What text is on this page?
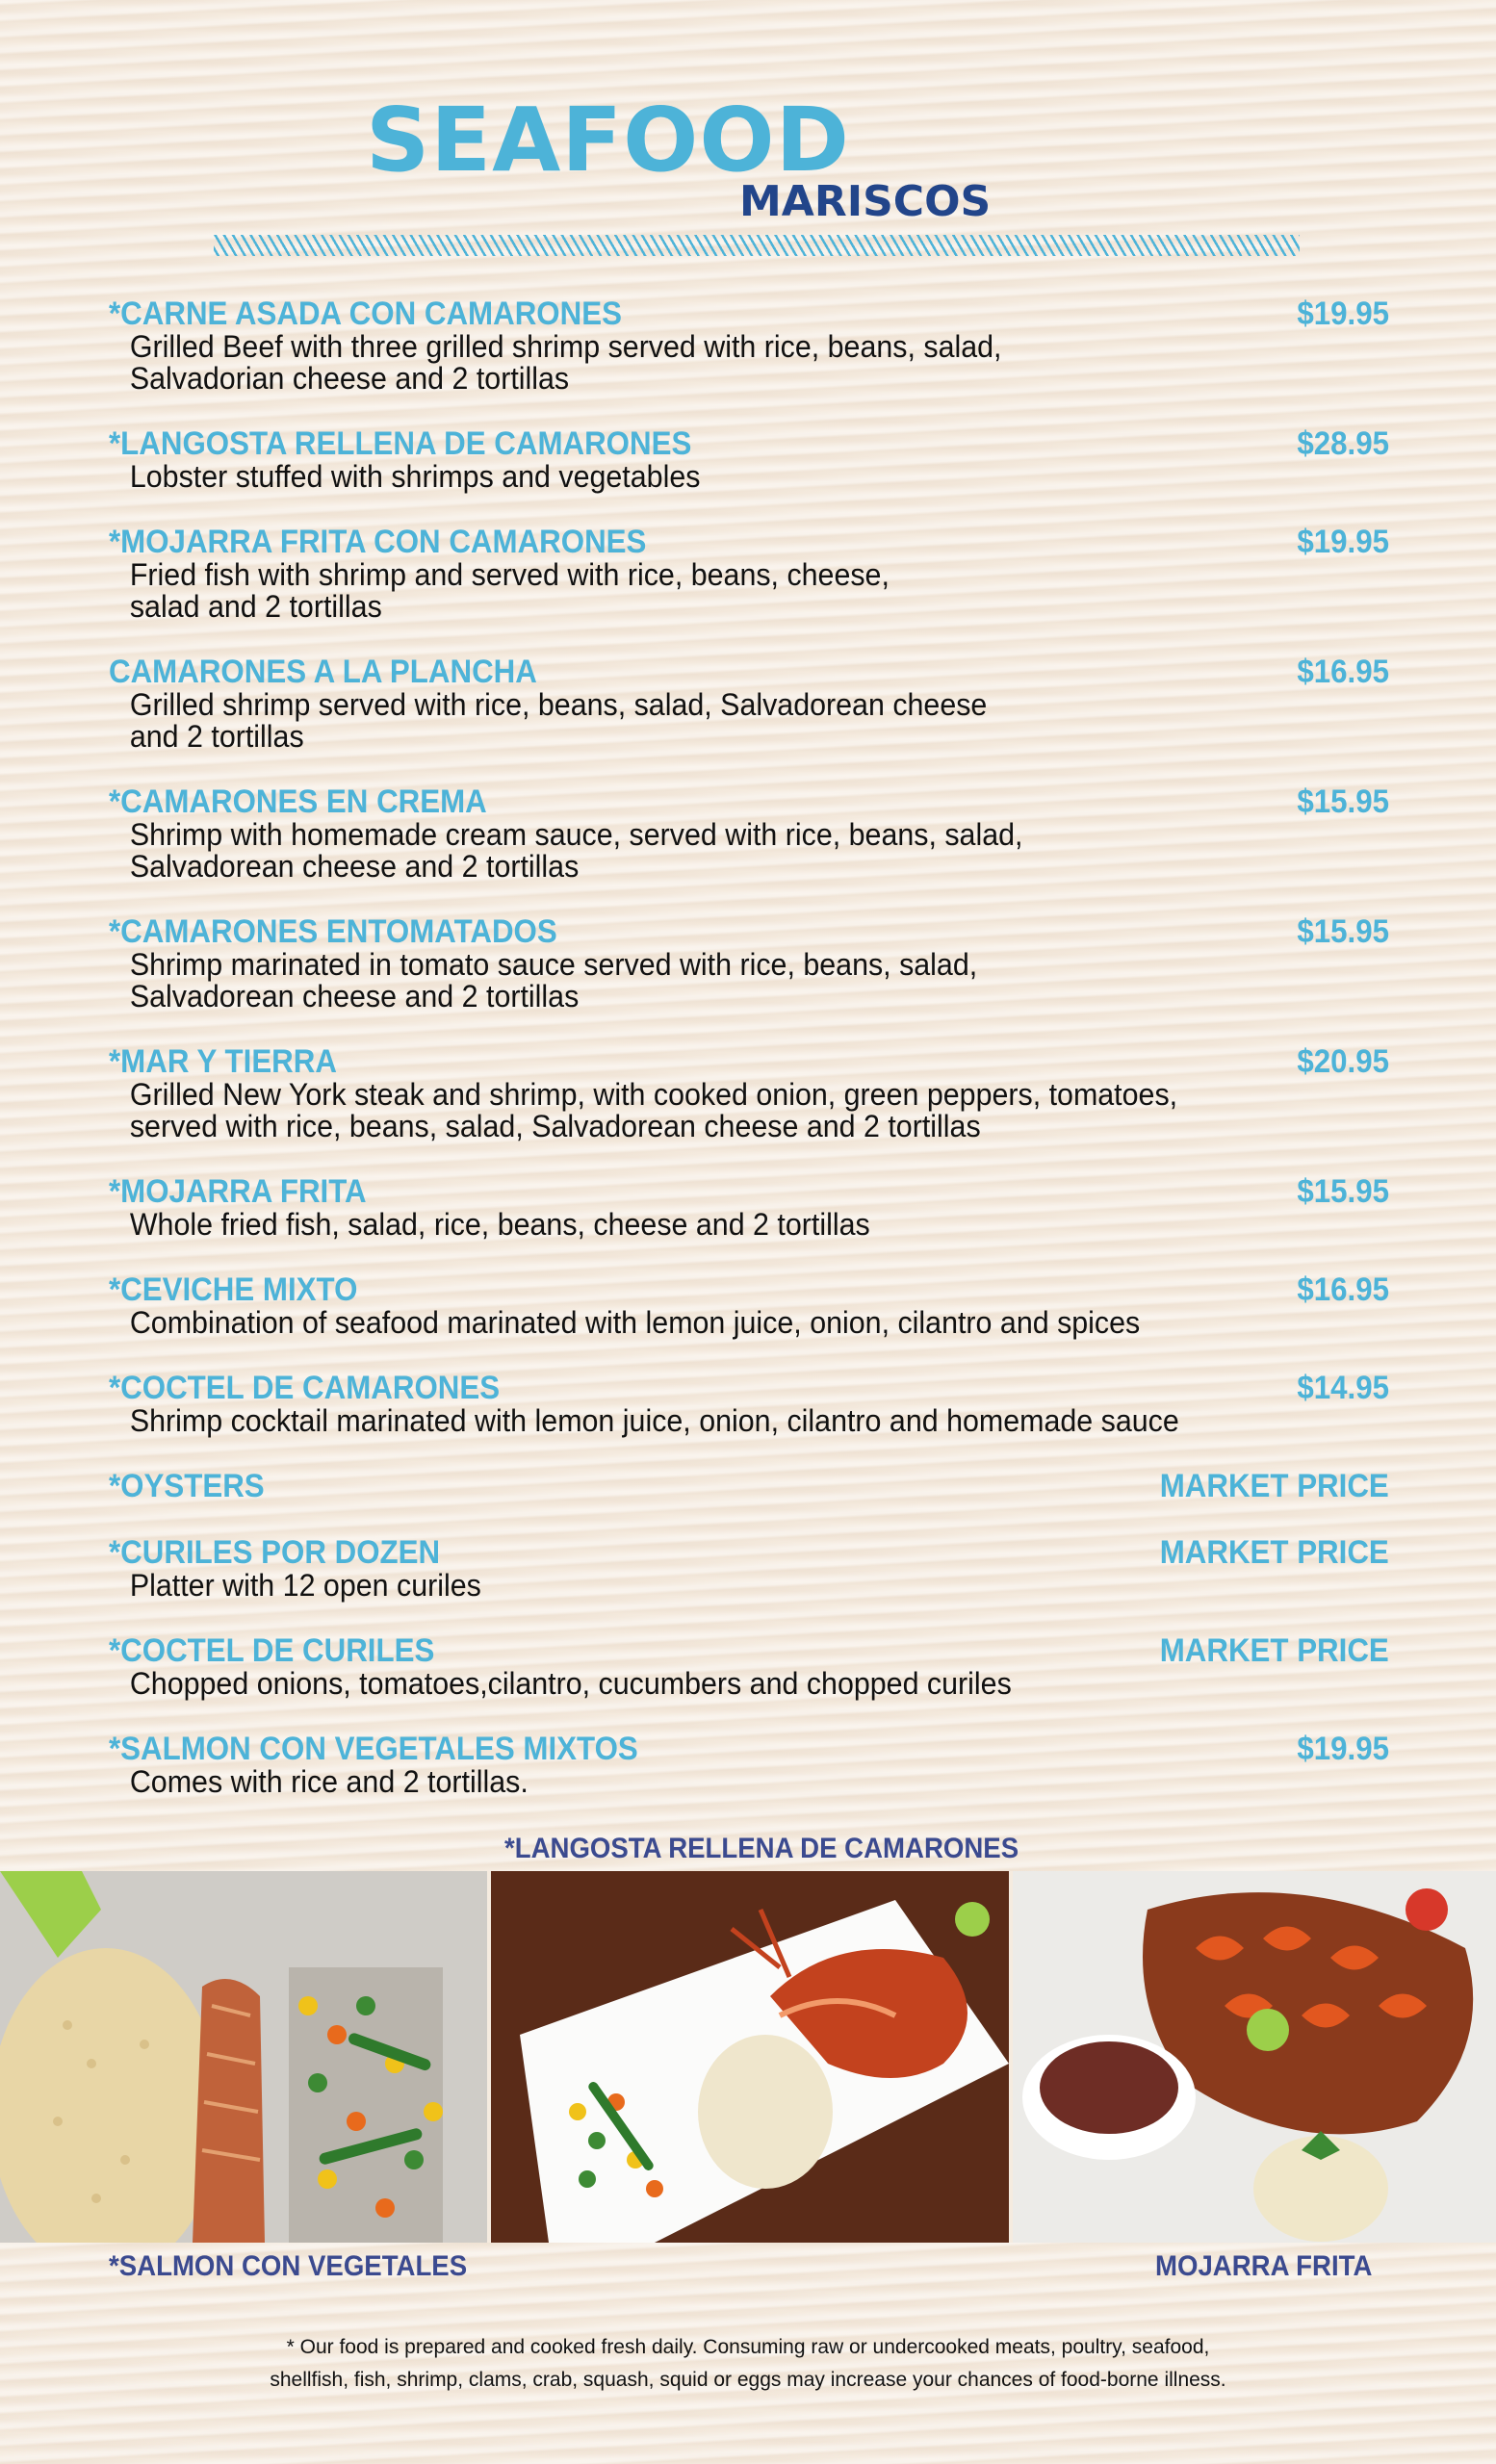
SEAFOOD
MARISCOS
*CARNE ASADA CON CAMARONES	$19.95
Grilled Beef with three grilled shrimp served with rice, beans, salad,
Salvadorian cheese and 2 tortillas
*LANGOSTA RELLENA DE CAMARONES	$28.95
Lobster stuffed with shrimps and vegetables
*MOJARRA FRITA CON CAMARONES	$19.95
Fried fish with shrimp and served with rice, beans, cheese,
salad and 2 tortillas
CAMARONES A LA PLANCHA	$16.95
Grilled shrimp served with rice, beans, salad, Salvadorean cheese
and 2 tortillas
*CAMARONES EN CREMA	$15.95
Shrimp with homemade cream sauce, served with rice, beans, salad,
Salvadorean cheese and 2 tortillas
*CAMARONES ENTOMATADOS	$15.95
Shrimp marinated in tomato sauce served with rice, beans, salad,
Salvadorean cheese and 2 tortillas
*MAR Y TIERRA	$20.95
Grilled New York steak and shrimp, with cooked onion, green peppers, tomatoes,
served with rice, beans, salad, Salvadorean cheese and 2 tortillas
*MOJARRA FRITA	$15.95
Whole fried fish, salad, rice, beans, cheese and 2 tortillas
*CEVICHE MIXTO	$16.95
Combination of seafood marinated with lemon juice, onion, cilantro and spices
*COCTEL DE CAMARONES	$14.95
Shrimp cocktail marinated with lemon juice, onion, cilantro and homemade sauce
*OYSTERS	MARKET PRICE
*CURILES POR DOZEN	MARKET PRICE
Platter with 12 open curiles
*COCTEL DE CURILES	MARKET PRICE
Chopped onions, tomatoes,cilantro, cucumbers and chopped curiles
*SALMON CON VEGETALES MIXTOS	$19.95
Comes with rice and 2 tortillas.
*LANGOSTA RELLENA DE CAMARONES
*SALMON CON VEGETALES	MOJARRA FRITA
* Our food is prepared and cooked fresh daily. Consuming raw or undercooked meats, poultry, seafood,
shellfish, fish, shrimp, clams, crab, squash, squid or eggs may increase your chances of food-borne illness.
